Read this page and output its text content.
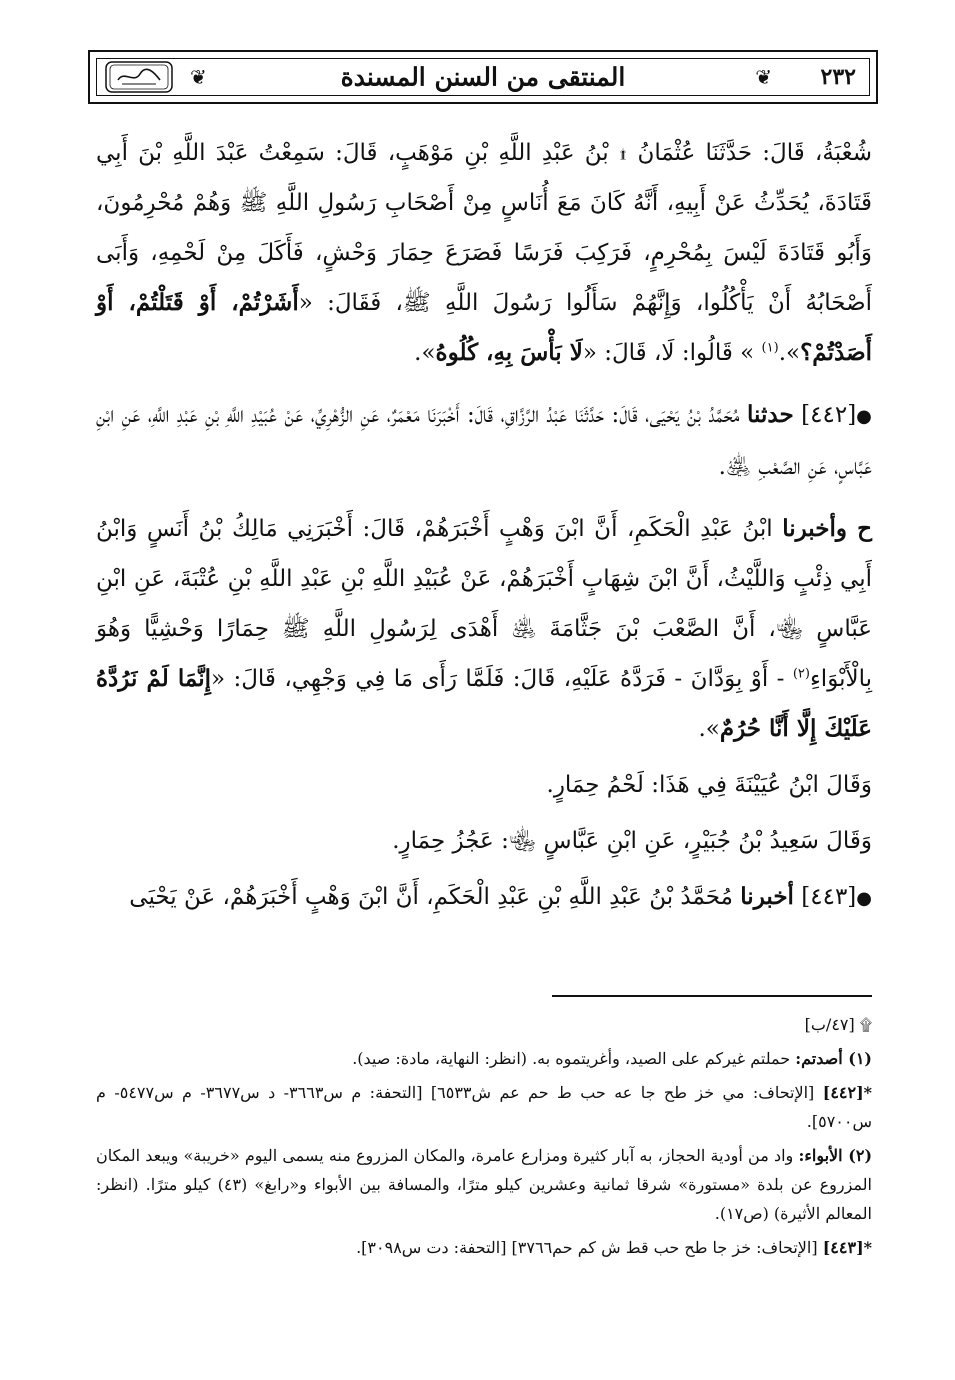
٢٣٢
❦
المنتقى من السنن المسندة
❦

شُعْبَةُ، قَالَ: حَدَّثَنَا عُثْمَانُ ۩ بْنُ عَبْدِ اللَّهِ بْنِ مَوْهَبٍ، قَالَ: سَمِعْتُ عَبْدَ اللَّهِ بْنَ أَبِي قَتَادَةَ، يُحَدِّثُ عَنْ أَبِيهِ، أَنَّهُ كَانَ مَعَ أُنَاسٍ مِنْ أَصْحَابِ رَسُولِ اللَّهِ ﷺ وَهُمْ مُحْرِمُونَ، وَأَبُو قَتَادَةَ لَيْسَ بِمُحْرِمٍ، فَرَكِبَ فَرَسًا فَصَرَعَ حِمَارَ وَحْشٍ، فَأَكَلَ مِنْ لَحْمِهِ، وَأَبَى أَصْحَابُهُ أَنْ يَأْكُلُوا، وَإِنَّهُمْ سَأَلُوا رَسُولَ اللَّهِ ﷺ، فَقَالَ: «أَشَرْتُمْ، أَوْ قَتَلْتُمْ، أَوْ أَصَدْتُمْ؟».$^{(١)}$ » قَالُوا: لَا، قَالَ: «لَا بَأْسَ بِهِ، كُلُوهُ».

●[٤٤٢] حدثنا مُحَمَّدُ بْنُ يَحْيَى، قَالَ: حَدَّثَنَا عَبْدُ الرَّزَّاقِ، قَالَ: أَخْبَرَنَا مَعْمَرٌ، عَنِ الزُّهْرِيِّ، عَنْ عُبَيْدِ اللَّهِ بْنِ عَبْدِ اللَّهِ، عَنِ ابْنِ عَبَّاسٍ، عَنِ الصَّعْبِ ﵁.

ح وأخبرنا ابْنُ عَبْدِ الْحَكَمِ، أَنَّ ابْنَ وَهْبٍ أَخْبَرَهُمْ، قَالَ: أَخْبَرَنِي مَالِكُ بْنُ أَنَسٍ وَابْنُ أَبِي ذِئْبٍ وَاللَّيْثُ، أَنَّ ابْنَ شِهَابٍ أَخْبَرَهُمْ، عَنْ عُبَيْدِ اللَّهِ بْنِ عَبْدِ اللَّهِ بْنِ عُتْبَةَ، عَنِ ابْنِ عَبَّاسٍ ﵄، أَنَّ الصَّعْبَ بْنَ جَثَّامَةَ ﵁ أَهْدَى لِرَسُولِ اللَّهِ ﷺ حِمَارًا وَحْشِيًّا وَهُوَ بِالْأَبْوَاءِ$^{(٢)}$ - أَوْ بِوَدَّانَ - فَرَدَّهُ عَلَيْهِ، قَالَ: فَلَمَّا رَأَى مَا فِي وَجْهِي، قَالَ: «إِنَّمَا لَمْ نَرُدَّهُ عَلَيْكَ إِلَّا أَنَّا حُرُمٌ».

وَقَالَ ابْنُ عُيَيْنَةَ فِي هَذَا: لَحْمُ حِمَارٍ.

وَقَالَ سَعِيدُ بْنُ جُبَيْرٍ، عَنِ ابْنِ عَبَّاسٍ ﵄: عَجُزُ حِمَارٍ.

●[٤٤٣] أخبرنا مُحَمَّدُ بْنُ عَبْدِ اللَّهِ بْنِ عَبْدِ الْحَكَمِ، أَنَّ ابْنَ وَهْبٍ أَخْبَرَهُمْ، عَنْ يَحْيَى

۩ [٤٧/ب]

(١) أصدتم: حملتم غيركم على الصيد، وأغريتموه به. (انظر: النهاية، مادة: صيد).

*[٤٤٢] [الإتحاف: مي خز طح جا عه حب ط حم عم ش٦٥٣٣] [التحفة: م س٣٦٦٣- د س٣٦٧٧- م س٥٤٧٧- م س٥٧٠٠].

(٢) الأبواء: واد من أودية الحجاز، به آبار كثيرة ومزارع عامرة، والمكان المزروع منه يسمى اليوم «خريبة» ويبعد المكان المزروع عن بلدة «مستورة» شرقا ثمانية وعشرين كيلو مترًا، والمسافة بين الأبواء و«رابغ» (٤٣) كيلو مترًا. (انظر: المعالم الأثيرة) (ص١٧).

*[٤٤٣] [الإتحاف: خز جا طح حب قط ش كم حم٣٧٦٦] [التحفة: دت س٣٠٩٨].
